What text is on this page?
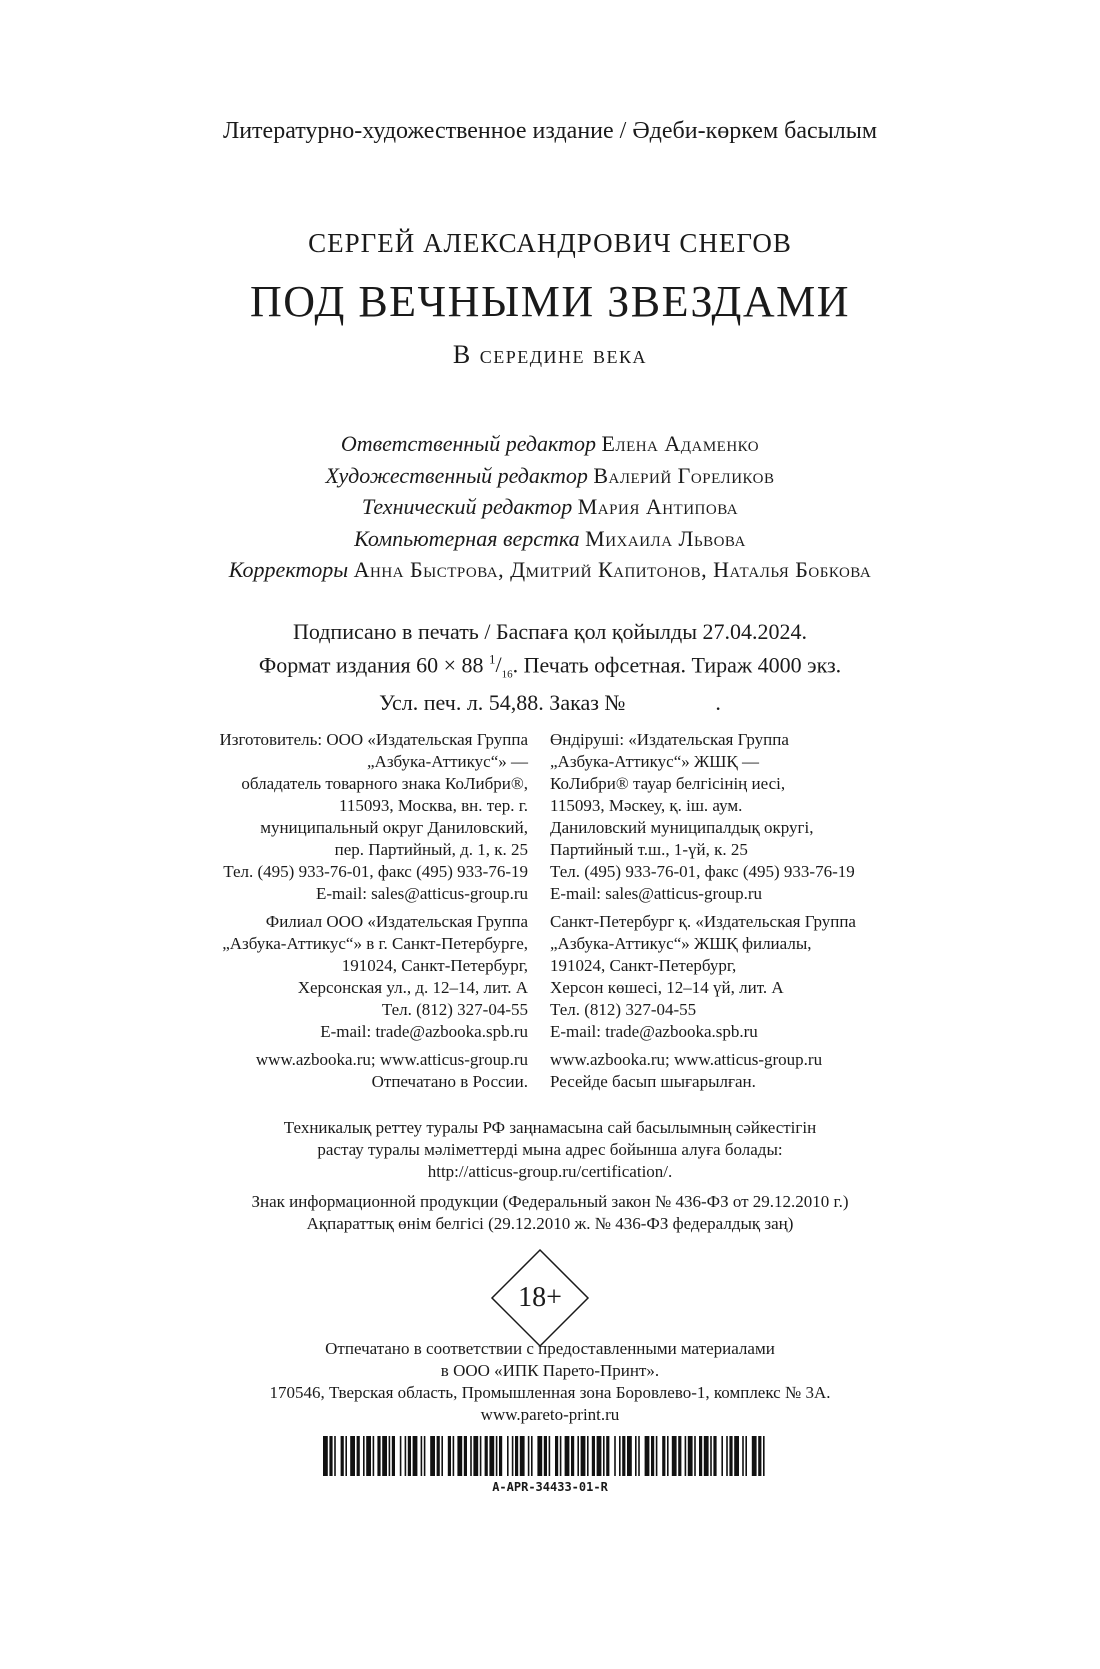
Литературно-художественное издание / Әдеби-көркем басылым
СЕРГЕЙ АЛЕКСАНДРОВИЧ СНЕГОВ
ПОД ВЕЧНЫМИ ЗВЕЗДАМИ
В середине века
Ответственный редактор Елена Адаменко
Художественный редактор Валерий Гореликов
Технический редактор Мария Антипова
Компьютерная верстка Михаила Львова
Корректоры Анна Быстрова, Дмитрий Капитонов, Наталья Бобкова
Подписано в печать / Баспаға қол қойылды 27.04.2024.
Формат издания 60 × 88 $^1/_{16}$. Печать офсетная. Тираж 4000 экз.
Усл. печ. л. 54,88. Заказ №	.
Изготовитель: ООО «Издательская Группа
„Азбука-Аттикус“» —
обладатель товарного знака КоЛибри®,
115093, Москва, вн. тер. г.
муниципальный округ Даниловский,
пер. Партийный, д. 1, к. 25
Тел. (495) 933-76-01, факс (495) 933-76-19
E-mail: sales@atticus-group.ru
Филиал ООО «Издательская Группа
„Азбука-Аттикус“» в г. Санкт-Петербурге,
191024, Санкт-Петербург,
Херсонская ул., д. 12–14, лит. А
Тел. (812) 327-04-55
E-mail: trade@azbooka.spb.ru
www.azbooka.ru; www.atticus-group.ru
Отпечатано в России.
Өндіруші: «Издательская Группа
„Азбука-Аттикус“» ЖШҚ —
КоЛибри® тауар белгісінің иесі,
115093, Мәскеу, қ. іш. аум.
Даниловский муниципалдық округі,
Партийный т.ш., 1-үй, к. 25
Тел. (495) 933-76-01, факс (495) 933-76-19
E-mail: sales@atticus-group.ru
Санкт-Петербург қ. «Издательская Группа
„Азбука-Аттикус“» ЖШҚ филиалы,
191024, Санкт-Петербург,
Херсон көшесі, 12–14 үй, лит. А
Тел. (812) 327-04-55
E-mail: trade@azbooka.spb.ru
www.azbooka.ru; www.atticus-group.ru
Ресейде басып шығарылған.
Техникалық реттеу туралы РФ заңнамасына сай басылымның сәйкестігін
растау туралы мәліметтерді мына адрес бойынша алуға болады:
http://atticus-group.ru/certification/.
Знак информационной продукции (Федеральный закон № 436-ФЗ от 29.12.2010 г.)
Ақпараттық өнім белгісі (29.12.2010 ж. № 436-ФЗ федералдық заң)
18+
Отпечатано в соответствии с предоставленными материалами
в ООО «ИПК Парето-Принт».
170546, Тверская область, Промышленная зона Боровлево-1, комплекс № 3А.
www.pareto-print.ru
A-APR-34433-01-R
